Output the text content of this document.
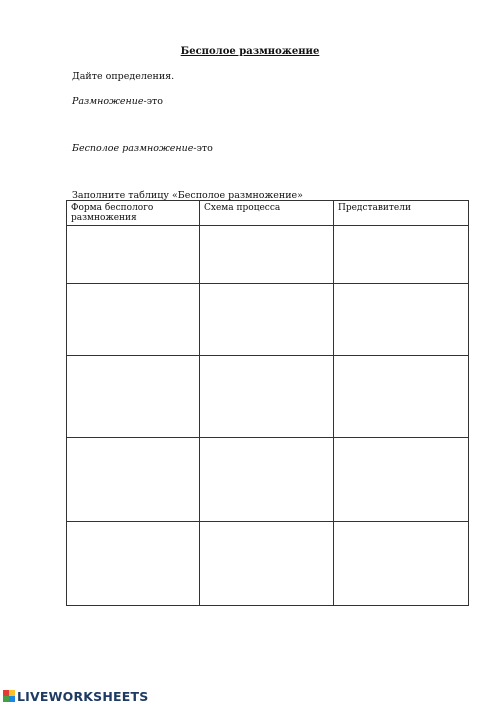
Бесполое размножение
Дайте определения.
Размножение-это
Бесполое размножение-это
Заполните таблицу «Бесполое размножение»
Форма бесполого размножения	Схема процесса	Представители

LIVEWORKSHEETS
